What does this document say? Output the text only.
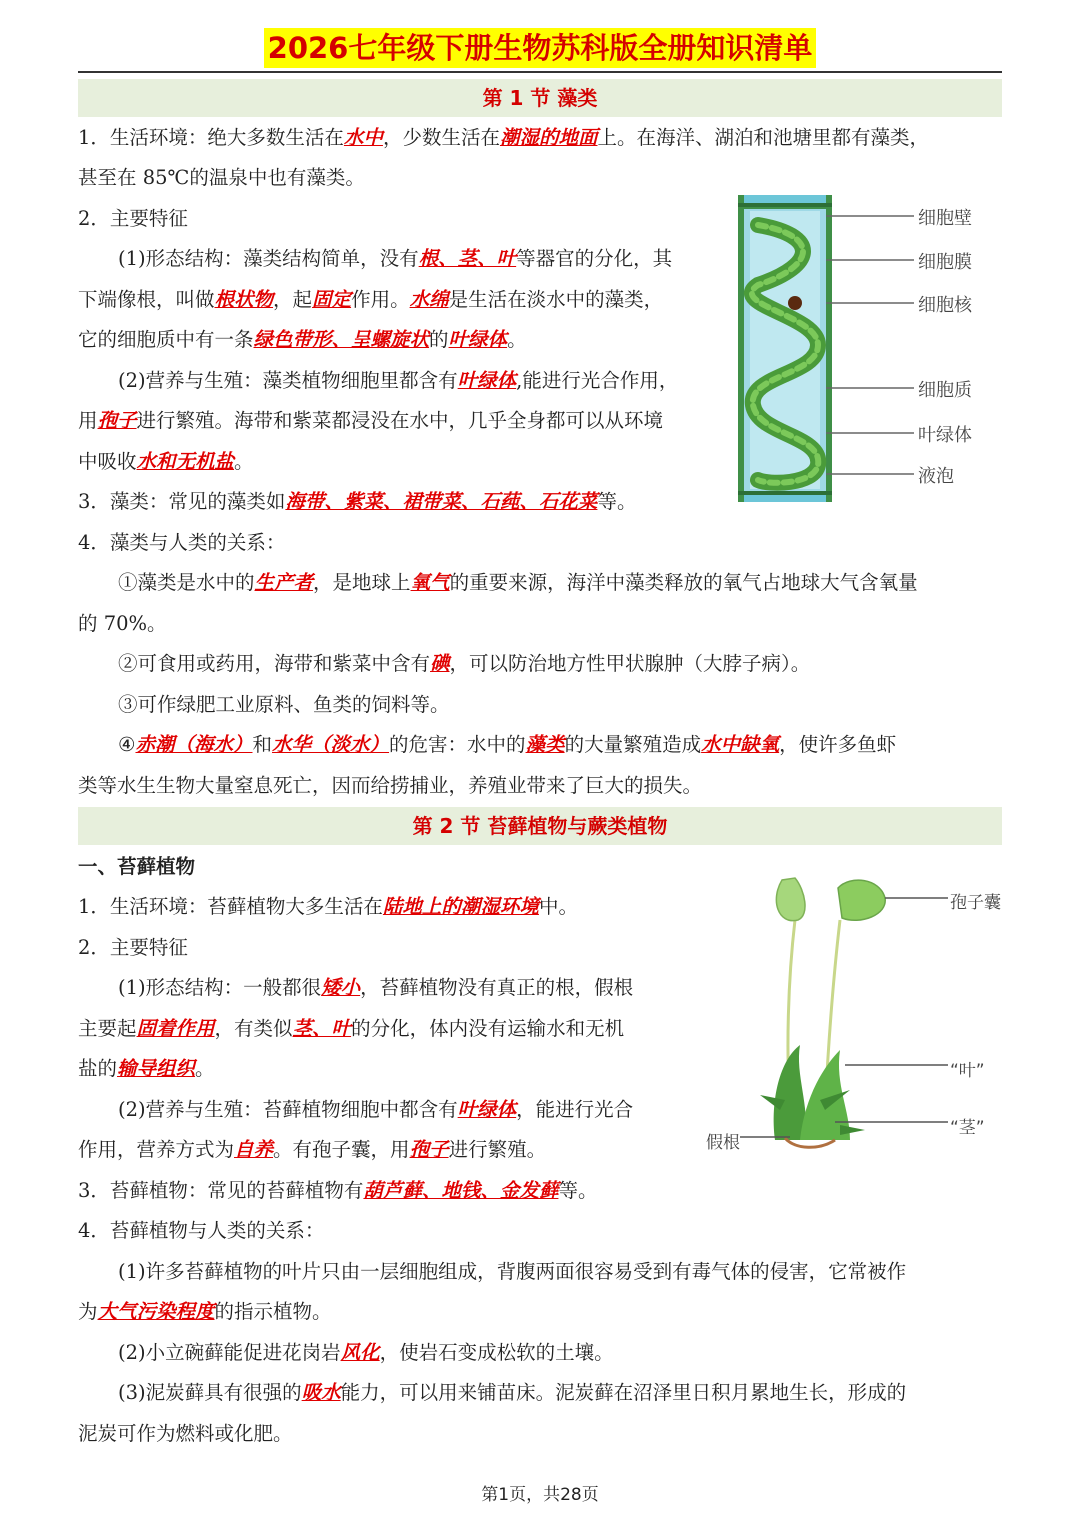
2026七年级下册生物苏科版全册知识清单
第 1 节 藻类
1．生活环境：绝大多数生活在水中，少数生活在潮湿的地面上。在海洋、湖泊和池塘里都有藻类，
甚至在 85℃的温泉中也有藻类。
2．主要特征
(1)形态结构：藻类结构简单，没有根、茎、叶等器官的分化，其
下端像根，叫做根状物，起固定作用。水绵是生活在淡水中的藻类，
它的细胞质中有一条绿色带形、呈螺旋状的叶绿体。
(2)营养与生殖：藻类植物细胞里都含有叶绿体,能进行光合作用，
用孢子进行繁殖。海带和紫菜都浸没在水中，几乎全身都可以从环境
中吸收水和无机盐。
3．藻类：常见的藻类如海带、紫菜、裙带菜、石莼、石花菜等。
4．藻类与人类的关系：
①藻类是水中的生产者，是地球上氧气的重要来源，海洋中藻类释放的氧气占地球大气含氧量
的 70%。
②可食用或药用，海带和紫菜中含有碘，可以防治地方性甲状腺肿（大脖子病）。
③可作绿肥工业原料、鱼类的饲料等。
④赤潮（海水）和水华（淡水）的危害：水中的藻类的大量繁殖造成水中缺氧，使许多鱼虾
类等水生生物大量窒息死亡，因而给捞捕业，养殖业带来了巨大的损失。
细胞壁
细胞膜
细胞核
细胞质
叶绿体
液泡
第 2 节 苔藓植物与蕨类植物
一、苔藓植物
1．生活环境：苔藓植物大多生活在陆地上的潮湿环境中。
2．主要特征
(1)形态结构：一般都很矮小，苔藓植物没有真正的根，假根
主要起固着作用，有类似茎、叶的分化，体内没有运输水和无机
盐的输导组织。
(2)营养与生殖：苔藓植物细胞中都含有叶绿体，能进行光合
作用，营养方式为自养。有孢子囊，用孢子进行繁殖。
3．苔藓植物：常见的苔藓植物有葫芦藓、地钱、金发藓等。
4．苔藓植物与人类的关系：
(1)许多苔藓植物的叶片只由一层细胞组成，背腹两面很容易受到有毒气体的侵害，它常被作
为大气污染程度的指示植物。
(2)小立碗藓能促进花岗岩风化，使岩石变成松软的土壤。
(3)泥炭藓具有很强的吸水能力，可以用来铺苗床。泥炭藓在沼泽里日积月累地生长，形成的
泥炭可作为燃料或化肥。
孢子囊
“叶”
“茎”
假根
第1页，共28页
